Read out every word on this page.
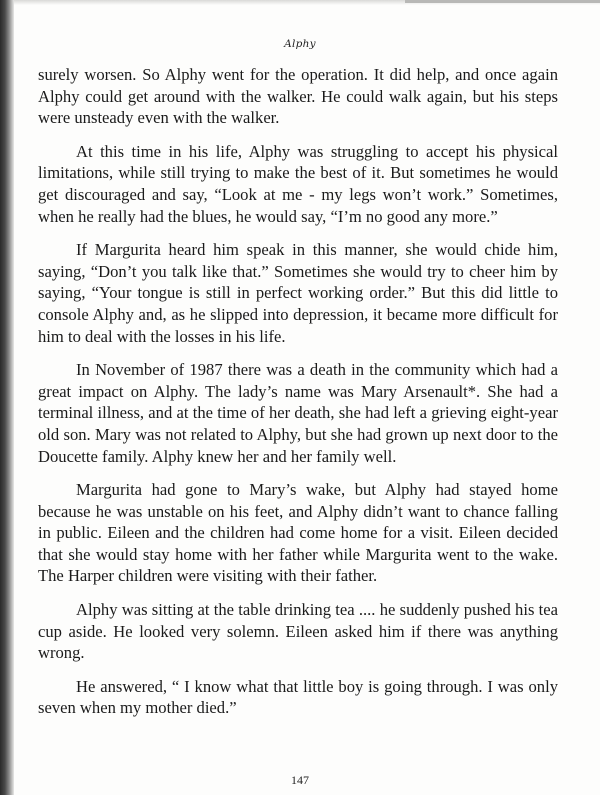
Alphy

surely worsen. So Alphy went for the operation. It did help, and once again Alphy could get around with the walker. He could walk again, but his steps were unsteady even with the walker.

At this time in his life, Alphy was struggling to accept his physical limitations, while still trying to make the best of it. But sometimes he would get discouraged and say, “Look at me - my legs won’t work.” Sometimes, when he really had the blues, he would say, “I’m no good any more.”

If Margurita heard him speak in this manner, she would chide him, saying, “Don’t you talk like that.” Sometimes she would try to cheer him by saying, “Your tongue is still in perfect working order.” But this did little to console Alphy and, as he slipped into depression, it became more difficult for him to deal with the losses in his life.

In November of 1987 there was a death in the community which had a great impact on Alphy. The lady’s name was Mary Arsenault*. She had a terminal illness, and at the time of her death, she had left a grieving eight-year old son. Mary was not related to Alphy, but she had grown up next door to the Doucette family. Alphy knew her and her family well.

Margurita had gone to Mary’s wake, but Alphy had stayed home because he was unstable on his feet, and Alphy didn’t want to chance falling in public. Eileen and the children had come home for a visit. Eileen decided that she would stay home with her father while Margurita went to the wake. The Harper children were visiting with their father.

Alphy was sitting at the table drinking tea .... he suddenly pushed his tea cup aside. He looked very solemn. Eileen asked him if there was anything wrong.

He answered, “ I know what that little boy is going through. I was only seven when my mother died.”

147
